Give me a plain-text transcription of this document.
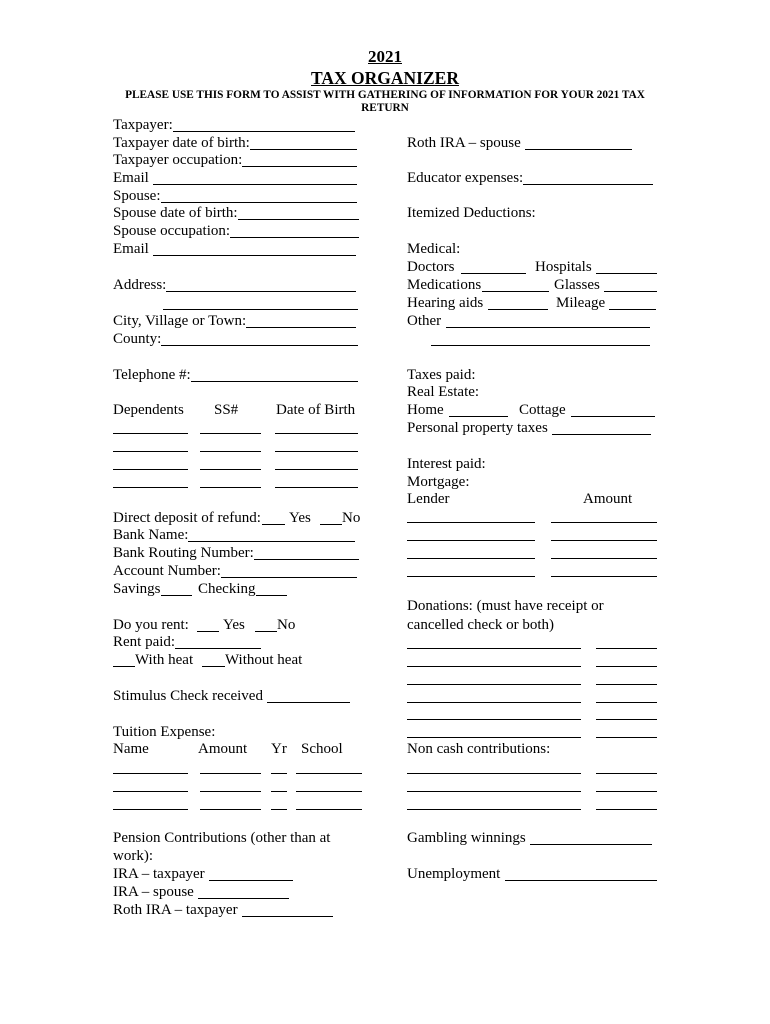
2021
TAX ORGANIZER
PLEASE USE THIS FORM TO ASSIST WITH GATHERING OF INFORMATION FOR YOUR 2021 TAX
RETURN
Taxpayer:
Taxpayer date of birth:
Taxpayer occupation:
Email
Spouse:
Spouse date of birth:
Spouse occupation:
Email
Address:
City, Village or Town:
County:
Telephone #:
Dependents SS#	Date of Birth
Direct deposit of refund: Yes No
Bank Name:
Bank Routing Number:
Account Number:
Savings Checking
Do you rent: Yes No
Rent paid:
With heat Without heat
Stimulus Check received
Tuition Expense:
Name	Amount Yr School
Pension Contributions (other than at
work):
IRA – taxpayer
IRA – spouse
Roth IRA – taxpayer
Roth IRA – spouse
Educator expenses:
Itemized Deductions:
Medical:
Doctors	Hospitals
Medications	Glasses
Hearing aids	Mileage
Other
Taxes paid:
Real Estate:
Home	Cottage
Personal property taxes
Interest paid:
Mortgage:
Lender	Amount
Donations: (must have receipt or
cancelled check or both)
Non cash contributions:
Gambling winnings
Unemployment
